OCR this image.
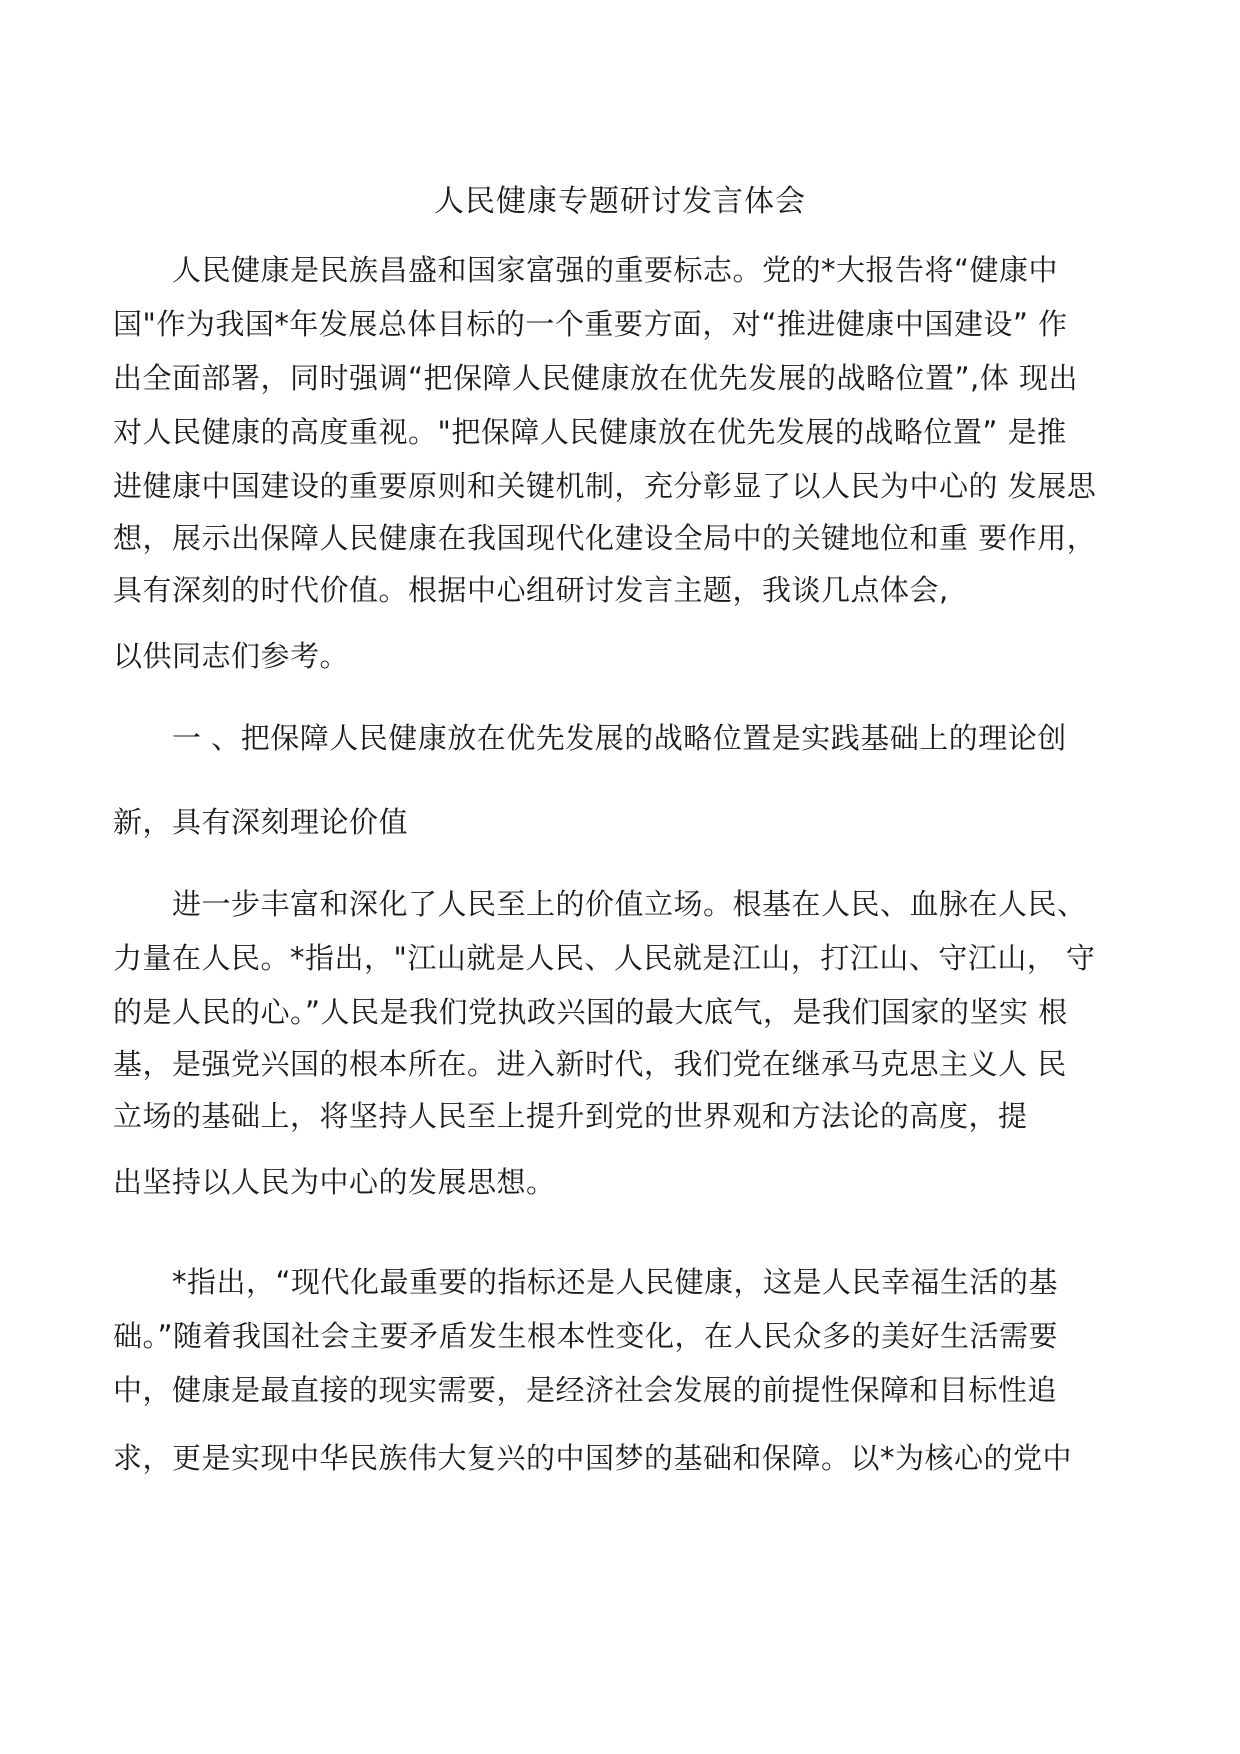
人民健康专题研讨发言体会
人民健康是民族昌盛和国家富强的重要标志。党的*大报告将“健康中
国"作为我国*年发展总体目标的一个重要方面，对“推进健康中国建设” 作
出全面部署，同时强调“把保障人民健康放在优先发展的战略位置”,体 现出
对人民健康的高度重视。"把保障人民健康放在优先发展的战略位置” 是推
进健康中国建设的重要原则和关键机制，充分彰显了以人民为中心的 发展思
想，展示出保障人民健康在我国现代化建设全局中的关键地位和重 要作用，
具有深刻的时代价值。根据中心组研讨发言主题，我谈几点体会,
以供同志们参考。
一 、把保障人民健康放在优先发展的战略位置是实践基础上的理论创
新，具有深刻理论价值
进一步丰富和深化了人民至上的价值立场。根基在人民、血脉在人民、
力量在人民。*指出，"江山就是人民、人民就是江山，打江山、守江山， 守
的是人民的心。”人民是我们党执政兴国的最大底气，是我们国家的坚实 根
基，是强党兴国的根本所在。进入新时代，我们党在继承马克思主义人 民
立场的基础上，将坚持人民至上提升到党的世界观和方法论的高度，提
出坚持以人民为中心的发展思想。
*指出，“现代化最重要的指标还是人民健康，这是人民幸福生活的基
础。”随着我国社会主要矛盾发生根本性变化，在人民众多的美好生活需要
中，健康是最直接的现实需要，是经济社会发展的前提性保障和目标性追
求，更是实现中华民族伟大复兴的中国梦的基础和保障。以*为核心的党中
